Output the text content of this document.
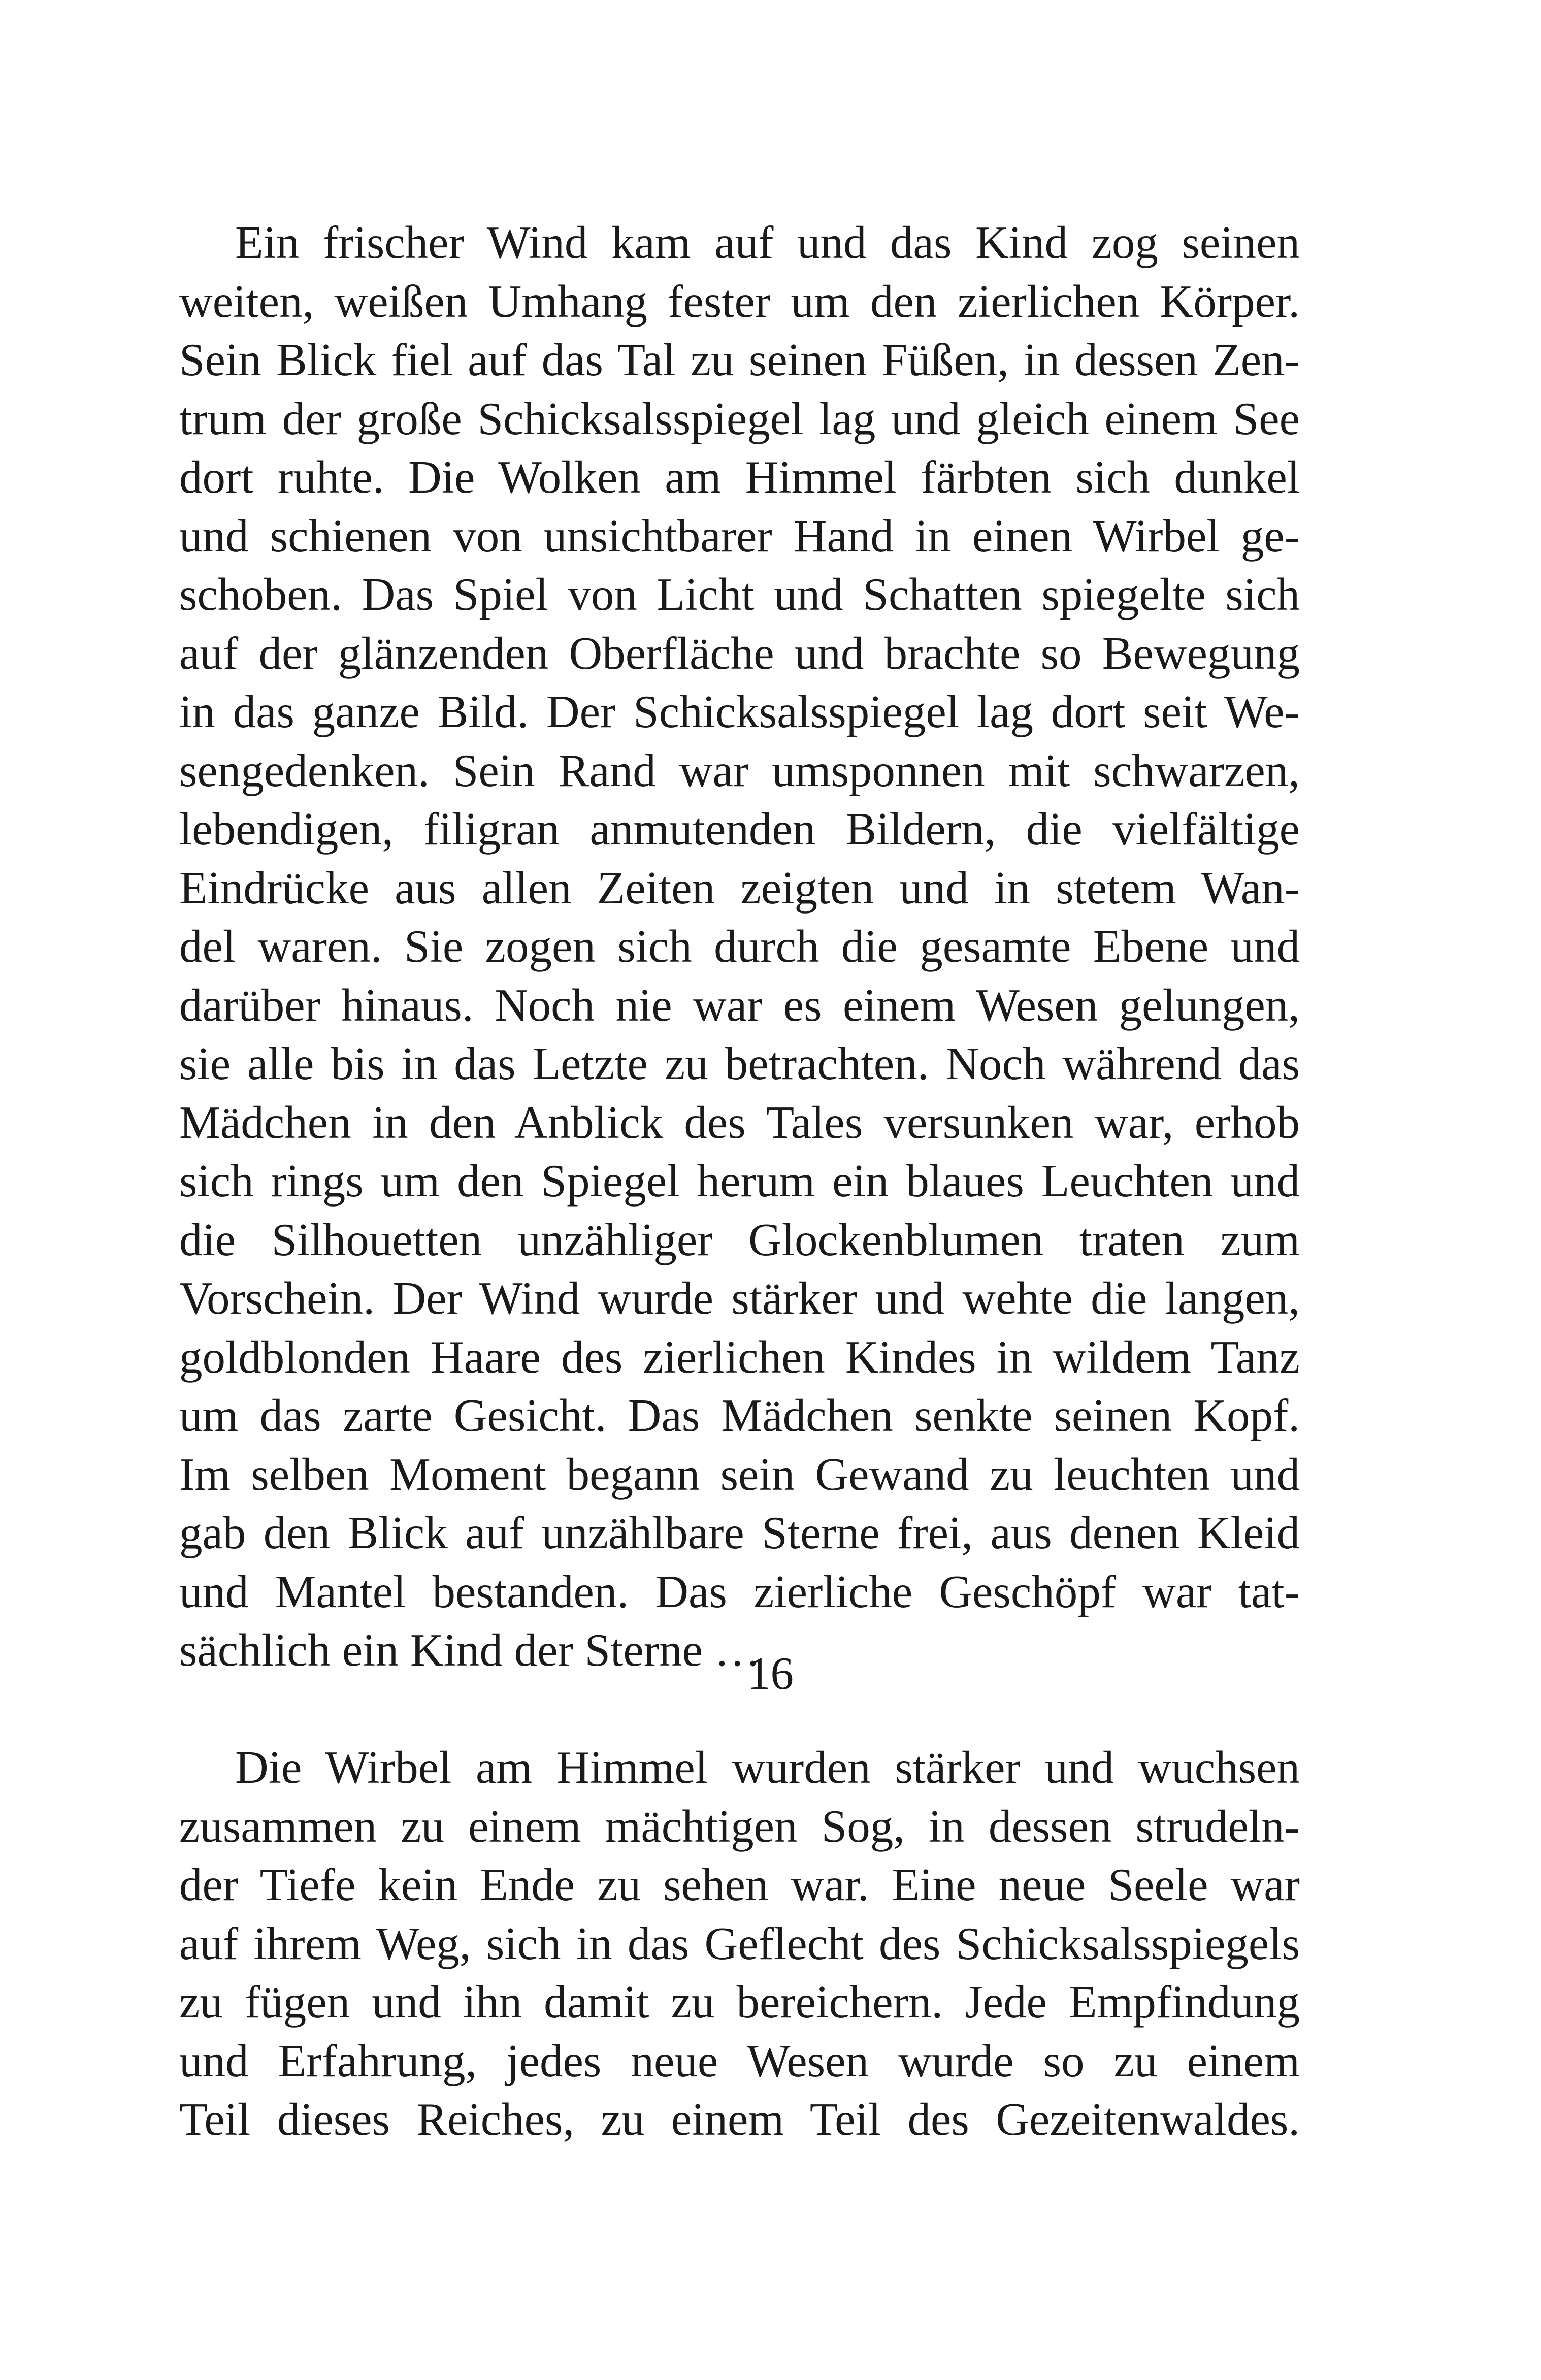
Ein frischer Wind kam auf und das Kind zog seinen
weiten, weißen Umhang fester um den zierlichen Körper.
Sein Blick fiel auf das Tal zu seinen Füßen, in dessen Zen-
trum der große Schicksalsspiegel lag und gleich einem See
dort ruhte. Die Wolken am Himmel färbten sich dunkel
und schienen von unsichtbarer Hand in einen Wirbel ge-
schoben. Das Spiel von Licht und Schatten spiegelte sich
auf der glänzenden Oberfläche und brachte so Bewegung
in das ganze Bild. Der Schicksalsspiegel lag dort seit We-
sengedenken. Sein Rand war umsponnen mit schwarzen,
lebendigen, filigran anmutenden Bildern, die vielfältige
Eindrücke aus allen Zeiten zeigten und in stetem Wan-
del waren. Sie zogen sich durch die gesamte Ebene und
darüber hinaus. Noch nie war es einem Wesen gelungen,
sie alle bis in das Letzte zu betrachten. Noch während das
Mädchen in den Anblick des Tales versunken war, erhob
sich rings um den Spiegel herum ein blaues Leuchten und
die Silhouetten unzähliger Glockenblumen traten zum
Vorschein. Der Wind wurde stärker und wehte die langen,
goldblonden Haare des zierlichen Kindes in wildem Tanz
um das zarte Gesicht. Das Mädchen senkte seinen Kopf.
Im selben Moment begann sein Gewand zu leuchten und
gab den Blick auf unzählbare Sterne frei, aus denen Kleid
und Mantel bestanden. Das zierliche Geschöpf war tat-
sächlich ein Kind der Sterne …
Die Wirbel am Himmel wurden stärker und wuchsen
zusammen zu einem mächtigen Sog, in dessen strudeln-
der Tiefe kein Ende zu sehen war. Eine neue Seele war
auf ihrem Weg, sich in das Geflecht des Schicksalsspiegels
zu fügen und ihn damit zu bereichern. Jede Empfindung
und Erfahrung, jedes neue Wesen wurde so zu einem
Teil dieses Reiches, zu einem Teil des Gezeitenwaldes.
16
